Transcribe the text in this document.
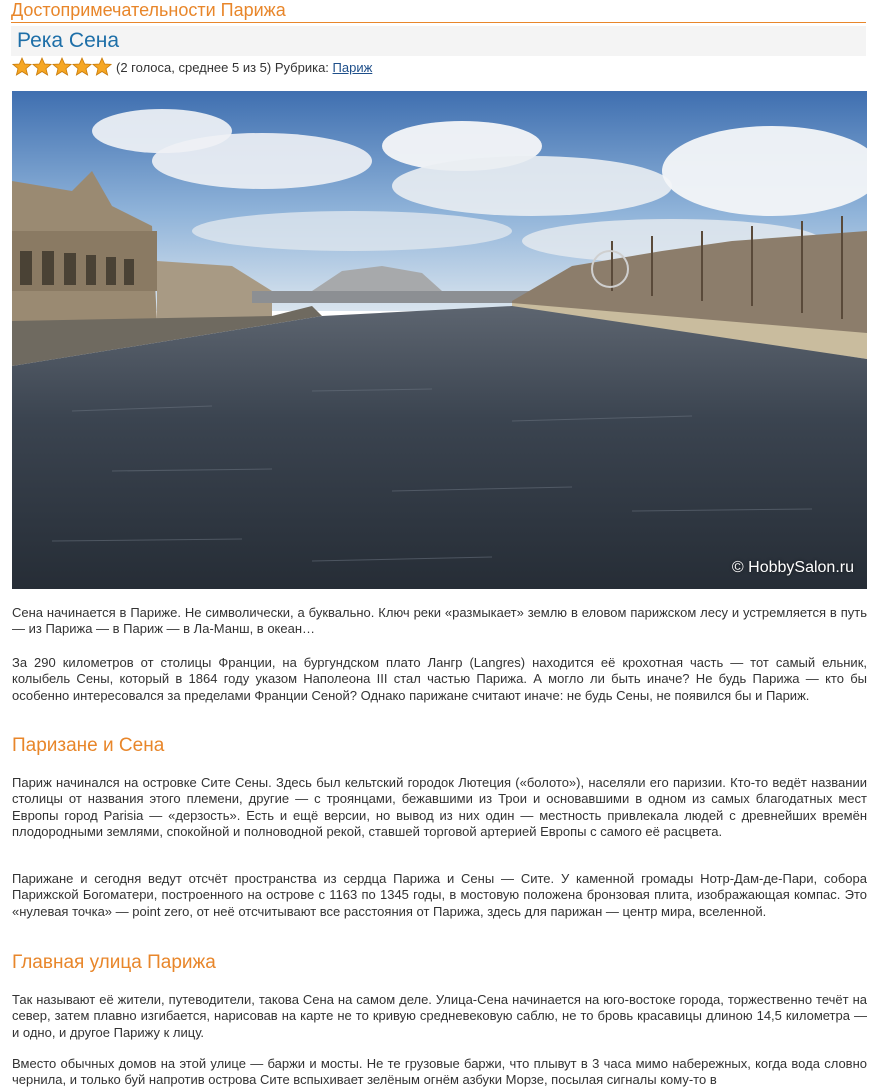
Достопримечательности Парижа
Река Сена
(2 голоса, среднее 5 из 5) Рубрика:
Париж
© HobbySalon.ru

Сена начинается в Париже. Не символически, а буквально. Ключ реки «размыкает» землю в еловом парижском лесу и устремляется в путь — из Парижа — в Париж — в Ла-Манш, в океан…

За 290 километров от столицы Франции, на бургундском плато Лангр (Langres) находится её крохотная часть — тот самый ельник, колыбель Сены, который в 1864 году указом Наполеона III стал частью Парижа. А могло ли быть иначе? Не будь Парижа — кто бы особенно интересовался за пределами Франции Сеной? Однако парижане считают иначе: не будь Сены, не появился бы и Париж.

Паризане и Сена

Париж начинался на островке Сите Сены. Здесь был кельтский городок Лютеция («болото»), населяли его паризии. Кто-то ведёт названии столицы от названия этого племени, другие — с троянцами, бежавшими из Трои и основавшими в одном из самых благодатных мест Европы город Parisia — «дерзость». Есть и ещё версии, но вывод из них один — местность привлекала людей с древнейших времён плодородными землями, спокойной и полноводной рекой, ставшей торговой артерией Европы с самого её расцвета.

Парижане и сегодня ведут отсчёт пространства из сердца Парижа и Сены — Сите. У каменной громады Нотр-Дам-де-Пари, собора Парижской Богоматери, построенного на острове с 1163 по 1345 годы, в мостовую положена бронзовая плита, изображающая компас. Это «нулевая точка» — point zero, от неё отсчитывают все расстояния от Парижа, здесь для парижан — центр мира, вселенной.

Главная улица Парижа

Так называют её жители, путеводители, такова Сена на самом деле. Улица-Сена начинается на юго-востоке города, торжественно течёт на север, затем плавно изгибается, нарисовав на карте не то кривую средневековую саблю, не то бровь красавицы длиною 14,5 километра — и одно, и другое Парижу к лицу.

Вместо обычных домов на этой улице — баржи и мосты. Не те грузовые баржи, что плывут в 3 часа мимо набережных, когда вода словно чернила, и только буй напротив острова Сите вспыхивает зелёным огнём азбуки Морзе, посылая сигналы кому-то в
